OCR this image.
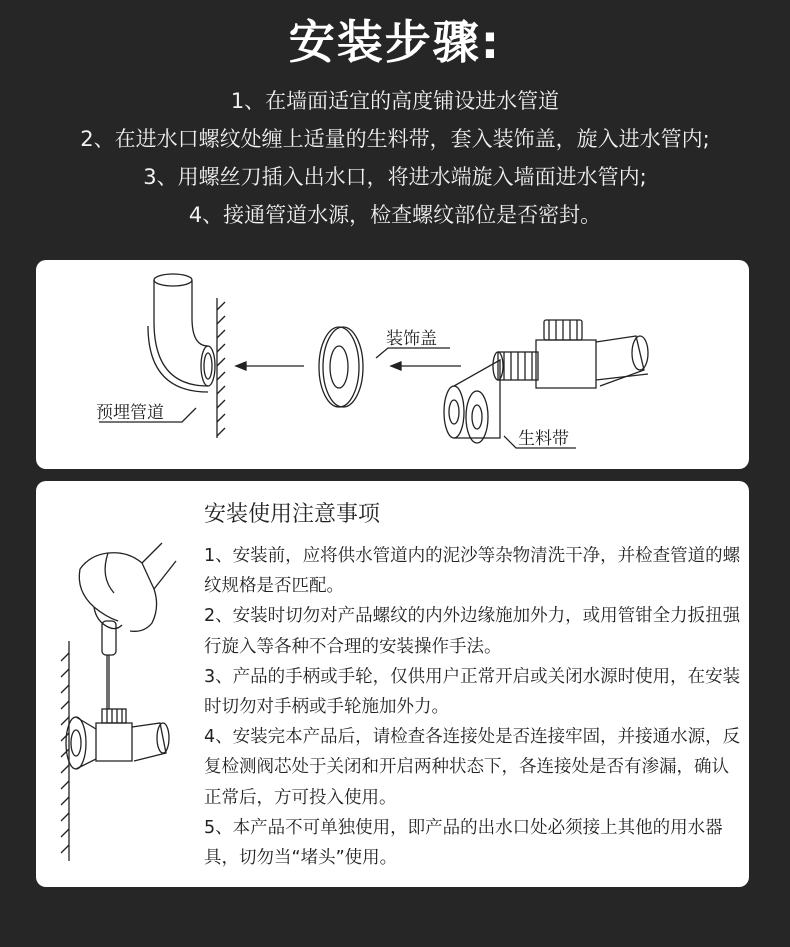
安装步骤:
1、在墙面适宜的高度铺设进水管道
2、在进水口螺纹处缠上适量的生料带，套入装饰盖，旋入进水管内;
3、用螺丝刀插入出水口，将进水端旋入墙面进水管内;
4、接通管道水源，检查螺纹部位是否密封。
预埋管道
装饰盖
生料带
安装使用注意事项

1、安装前，应将供水管道内的泥沙等杂物清洗干净，并检查管道的螺纹规格是否匹配。

2、安装时切勿对产品螺纹的内外边缘施加外力，或用管钳全力扳扭强行旋入等各种不合理的安装操作手法。

3、产品的手柄或手轮，仅供用户正常开启或关闭水源时使用，在安装时切勿对手柄或手轮施加外力。

4、安装完本产品后，请检查各连接处是否连接牢固，并接通水源，反复检测阀芯处于关闭和开启两种状态下，各连接处是否有渗漏，确认正常后，方可投入使用。

5、本产品不可单独使用，即产品的出水口处必须接上其他的用水器具，切勿当“堵头”使用。
